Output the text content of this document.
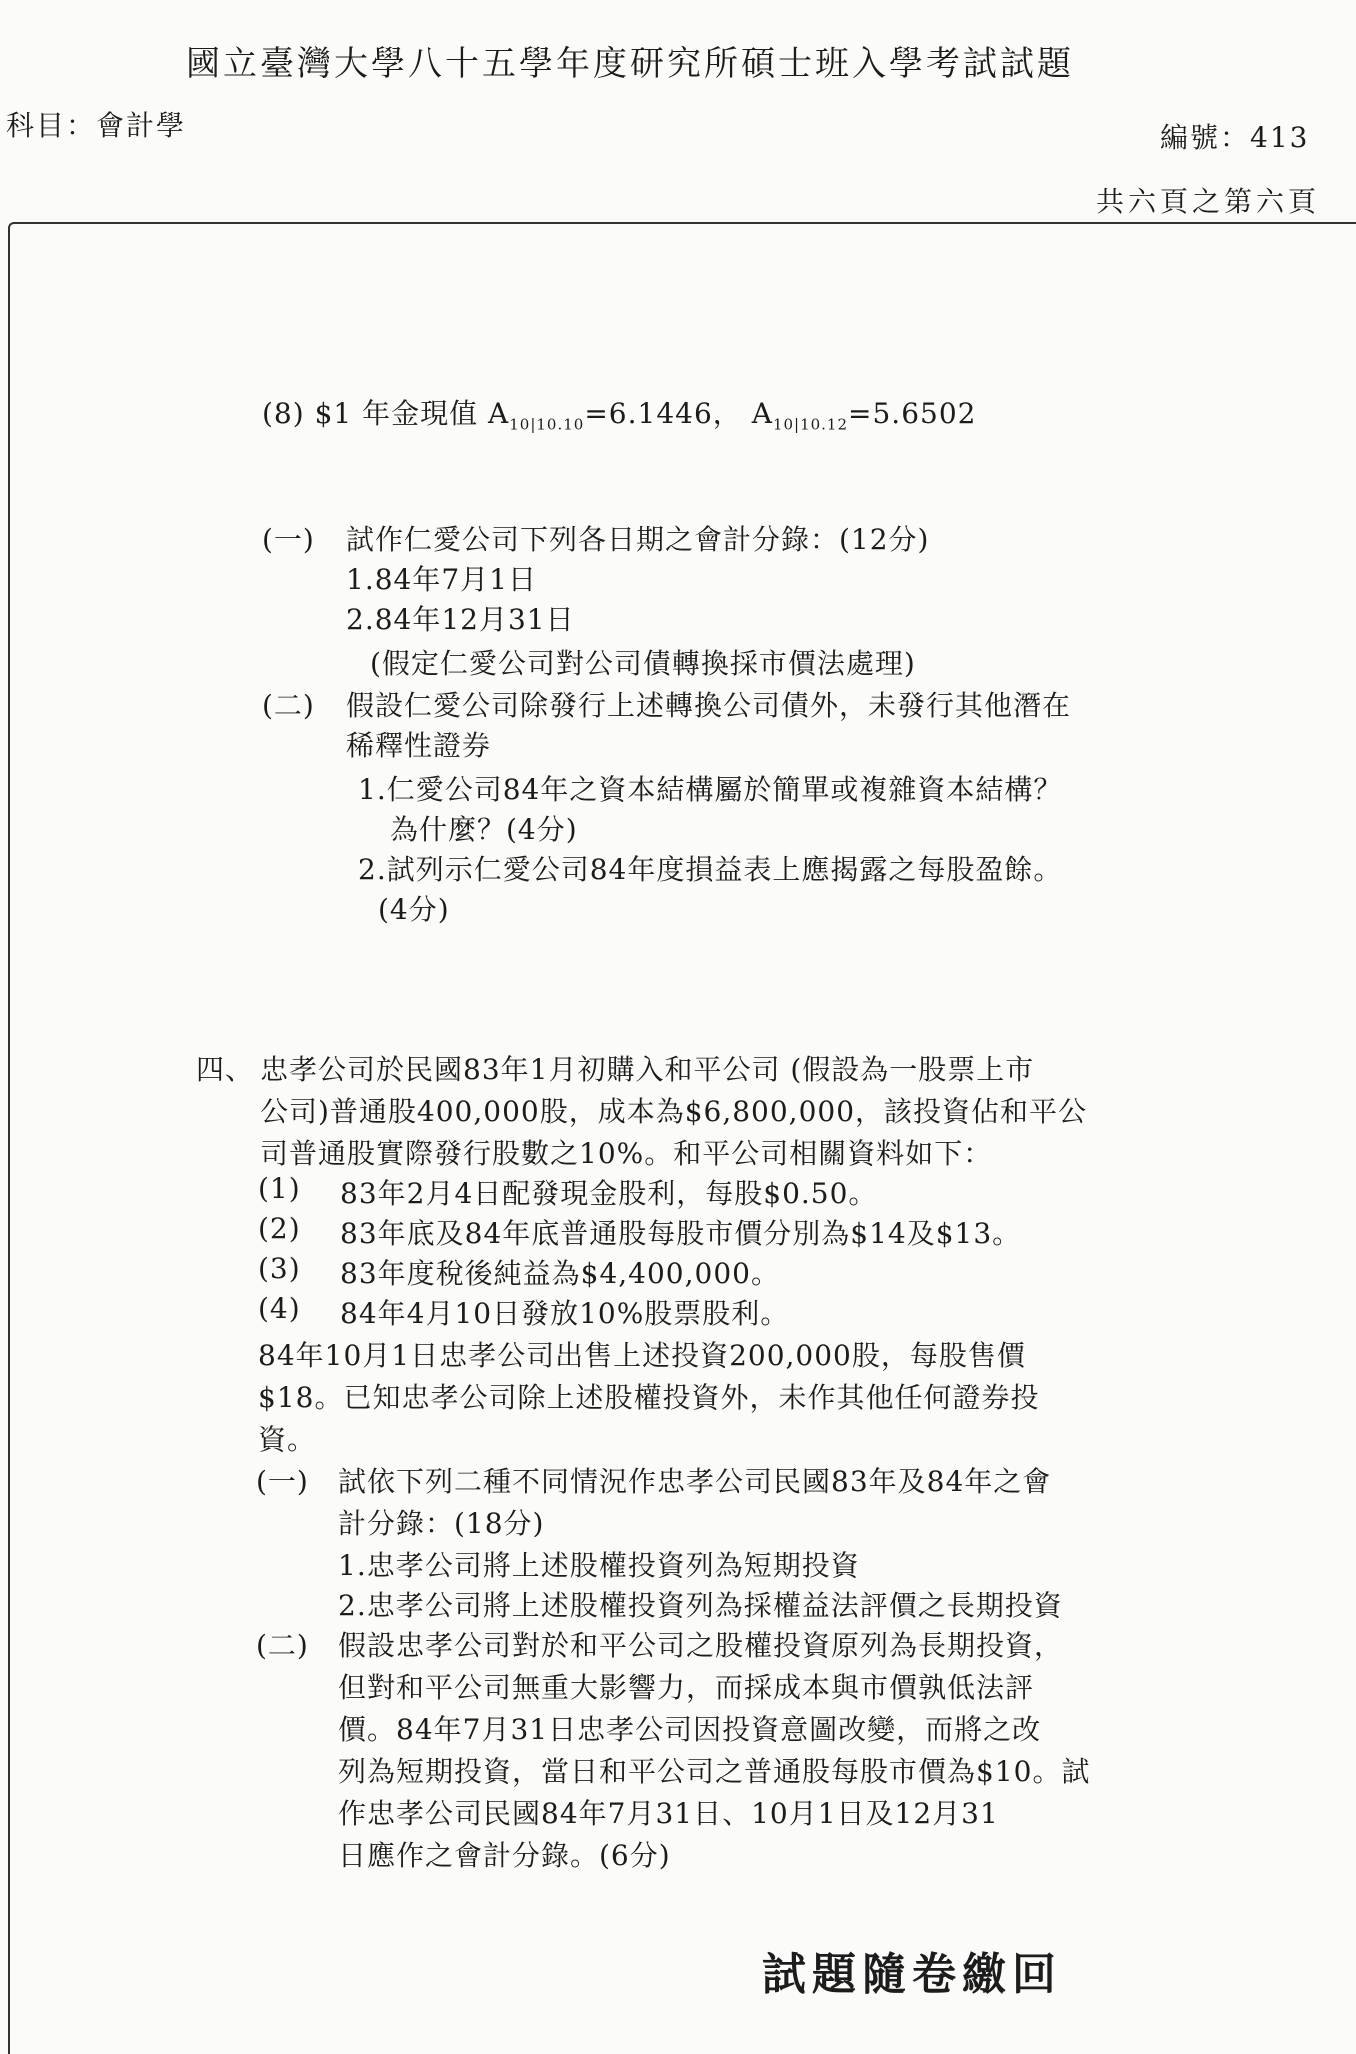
國立臺灣大學八十五學年度研究所碩士班入學考試試題
科目：會計學	編號：413
共六頁之第六頁
(8) $1 年金現值 $A_{10|10.10}=6.1446$， $A_{10|10.12}=5.6502$
(一) 試作仁愛公司下列各日期之會計分錄：(12分)
1.84年7月1日
2.84年12月31日
(假定仁愛公司對公司債轉換採市價法處理)
(二) 假設仁愛公司除發行上述轉換公司債外，未發行其他潛在
稀釋性證券
1.仁愛公司84年之資本結構屬於簡單或複雜資本結構？
為什麼？(4分)
2.試列示仁愛公司84年度損益表上應揭露之每股盈餘。
(4分)
四、 忠孝公司於民國83年1月初購入和平公司 (假設為一股票上市
公司)普通股400,000股，成本為$6,800,000，該投資佔和平公
司普通股實際發行股數之10%。和平公司相關資料如下：
(1) 83年2月4日配發現金股利，每股$0.50。
(2) 83年底及84年底普通股每股市價分別為$14及$13。
(3) 83年度稅後純益為$4,400,000。
(4) 84年4月10日發放10%股票股利。
84年10月1日忠孝公司出售上述投資200,000股，每股售價
$18。已知忠孝公司除上述股權投資外，未作其他任何證券投
資。
(一) 試依下列二種不同情況作忠孝公司民國83年及84年之會
計分錄：(18分)
1.忠孝公司將上述股權投資列為短期投資
2.忠孝公司將上述股權投資列為採權益法評價之長期投資
(二) 假設忠孝公司對於和平公司之股權投資原列為長期投資，
但對和平公司無重大影響力，而採成本與市價孰低法評
價。84年7月31日忠孝公司因投資意圖改變，而將之改
列為短期投資，當日和平公司之普通股每股市價為$10。試
作忠孝公司民國84年7月31日、10月1日及12月31
日應作之會計分錄。(6分)
試題隨卷繳回
